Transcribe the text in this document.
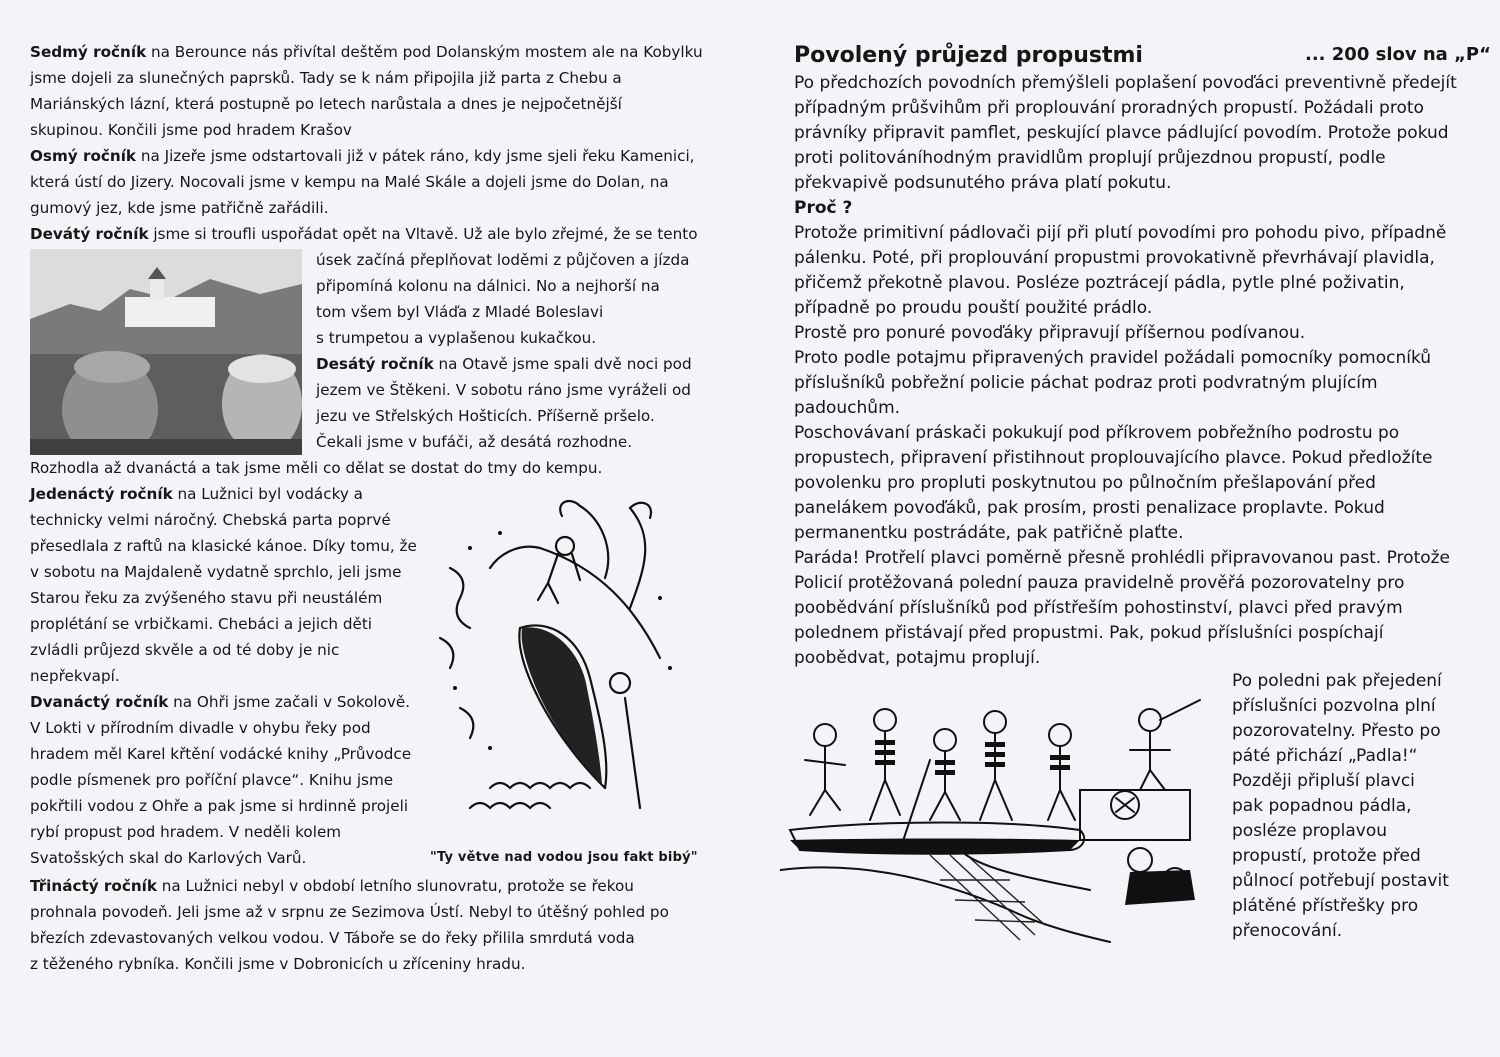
Sedmý ročník na Berounce nás přivítal deštěm pod Dolanským mostem ale na Kobylku
jsme dojeli za slunečných paprsků. Tady se k nám připojila již parta z Chebu a
Mariánských lázní, která postupně po letech narůstala a dnes je nejpočetnější
skupinou. Končili jsme pod hradem Krašov
Osmý ročník na Jizeře jsme odstartovali již v pátek ráno, kdy jsme sjeli řeku Kamenici,
která ústí do Jizery. Nocovali jsme v kempu na Malé Skále a dojeli jsme do Dolan, na
gumový jez, kde jsme patřičně zařádili.
Devátý ročník jsme si troufli uspořádat opět na Vltavě. Už ale bylo zřejmé, že se tento
úsek začíná přeplňovat loděmi z půjčoven a jízda
připomíná kolonu na dálnici. No a nejhorší na
tom všem byl Vláďa z Mladé Boleslavi
s trumpetou a vyplašenou kukačkou.
Desátý ročník na Otavě jsme spali dvě noci pod
jezem ve Štěkeni. V sobotu ráno jsme vyráželi od
jezu ve Střelských Hošticích. Příšerně pršelo.
Čekali jsme v bufáči, až desátá rozhodne.
Rozhodla až dvanáctá a tak jsme měli co dělat se dostat do tmy do kempu.
Jedenáctý ročník na Lužnici byl vodácky a
technicky velmi náročný. Chebská parta poprvé
přesedlala z raftů na klasické kánoe. Díky tomu, že
v sobotu na Majdaleně vydatně sprchlo, jeli jsme
Starou řeku za zvýšeného stavu při neustálém
proplétání se vrbičkami. Chebáci a jejich děti
zvládli průjezd skvěle a od té doby je nic
nepřekvapí.
Dvanáctý ročník na Ohři jsme začali v Sokolově.
V Lokti v přírodním divadle v ohybu řeky pod
hradem měl Karel křtění vodácké knihy „Průvodce
podle písmenek pro poříční plavce“. Knihu jsme
pokřtili vodou z Ohře a pak jsme si hrdinně projeli
rybí propust pod hradem. V neděli kolem
Svatošských skal do Karlových Varů.
Třináctý ročník na Lužnici nebyl v období letního slunovratu, protože se řekou
prohnala povodeň. Jeli jsme až v srpnu ze Sezimova Ústí. Nebyl to útěšný pohled po
březích zdevastovaných velkou vodou. V Táboře se do řeky přilila smrdutá voda
z těženého rybníka. Končili jsme v Dobronicích u zříceniny hradu.
"Ty větve nad vodou jsou fakt bibý"
Povolený průjezd propustmi	... 200 slov na „P“
Po předchozích povodních přemýšleli poplašení povoďáci preventivně předejít
případným průšvihům při proplouvání proradných propustí. Požádali proto
právníky připravit pamflet, peskující plavce pádlující povodím. Protože pokud
proti politováníhodným pravidlům proplují průjezdnou propustí, podle
překvapivě podsunutého práva platí pokutu.
Proč ?
Protože primitivní pádlovači pijí při plutí povodími pro pohodu pivo, případně
pálenku. Poté, při proplouvání propustmi provokativně převrhávají plavidla,
přičemž překotně plavou. Posléze poztrácejí pádla, pytle plné poživatin,
případně po proudu pouští použité prádlo.
Prostě pro ponuré povoďáky připravují příšernou podívanou.
Proto podle potajmu připravených pravidel požádali pomocníky pomocníků
příslušníků pobřežní policie páchat podraz proti podvratným plujícím
padouchům.
Poschovávaní práskači pokukují pod příkrovem pobřežního podrostu po
propustech, připravení přistihnout proplouvajícího plavce. Pokud předložíte
povolenku pro propluti poskytnutou po půlnočním přešlapování před
panelákem povoďáků, pak prosím, prosti penalizace proplavte. Pokud
permanentku postrádáte, pak patřičně plaťte.
Paráda! Protřelí plavci poměrně přesně prohlédli připravovanou past. Protože
Policií protěžovaná polední pauza pravidelně prověřá pozorovatelny pro
poobědvání příslušníků pod přístřeším pohostinství, plavci před pravým
polednem přistávají před propustmi. Pak, pokud příslušníci pospíchají
poobědvat, potajmu proplují.
Po poledni pak přejedení
příslušníci pozvolna plní
pozorovatelny. Přesto po
páté přichází „Padla!“
Později připluší plavci
pak popadnou pádla,
posléze proplavou
propustí, protože před
půlnocí potřebují postavit
plátěné přístřešky pro
přenocování.
